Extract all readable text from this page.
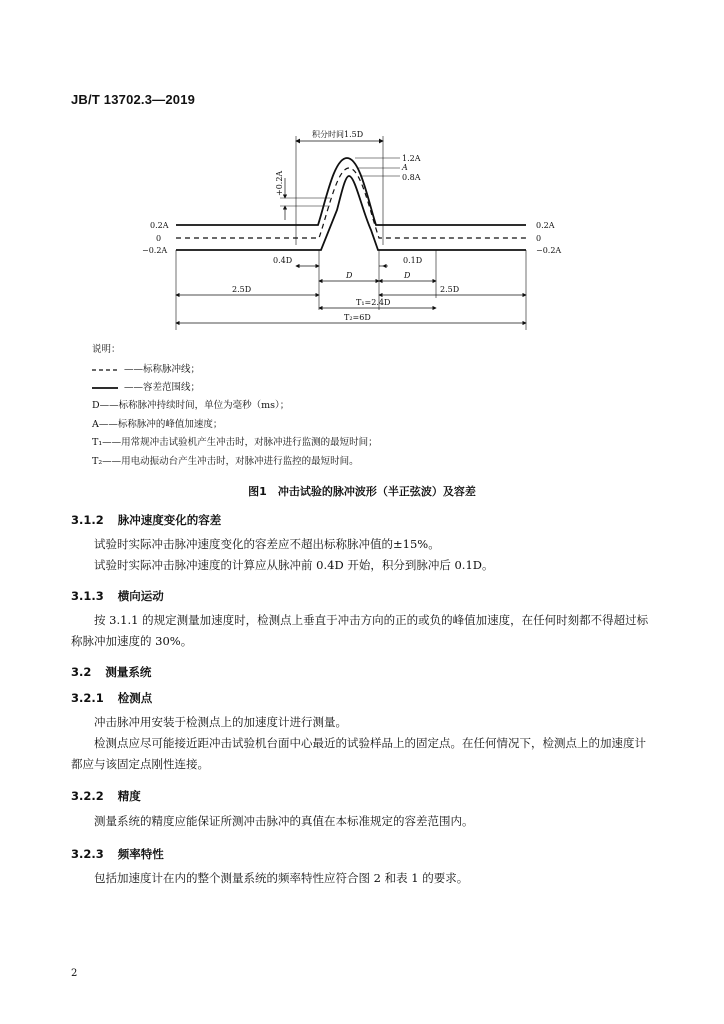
JB/T 13702.3—2019
积分时间1.5D
1.2A
A
0.8A
+0.2A
0.2A
0
−0.2A
0.2A
0
−0.2A
0.4D	0.1D
D	D
2.5D	2.5D
T₁=2.4D
T₂=6D
说明：
——标称脉冲线；
——容差范围线；
D——标称脉冲持续时间，单位为毫秒（ms）；
A——标称脉冲的峰值加速度；
T₁——用常规冲击试验机产生冲击时，对脉冲进行监测的最短时间；
T₂——用电动振动台产生冲击时，对脉冲进行监控的最短时间。
图1　冲击试验的脉冲波形（半正弦波）及容差
3.1.2 脉冲速度变化的容差

试验时实际冲击脉冲速度变化的容差应不超出标称脉冲值的±15%。

试验时实际冲击脉冲速度的计算应从脉冲前 0.4D 开始，积分到脉冲后 0.1D。

3.1.3 横向运动

按 3.1.1 的规定测量加速度时，检测点上垂直于冲击方向的正的或负的峰值加速度，在任何时刻都不得超过标称脉冲加速度的 30%。

3.2 测量系统
3.2.1 检测点

冲击脉冲用安装于检测点上的加速度计进行测量。

检测点应尽可能接近距冲击试验机台面中心最近的试验样品上的固定点。在任何情况下，检测点上的加速度计都应与该固定点刚性连接。

3.2.2 精度

测量系统的精度应能保证所测冲击脉冲的真值在本标准规定的容差范围内。

3.2.3 频率特性

包括加速度计在内的整个测量系统的频率特性应符合图 2 和表 1 的要求。

2
